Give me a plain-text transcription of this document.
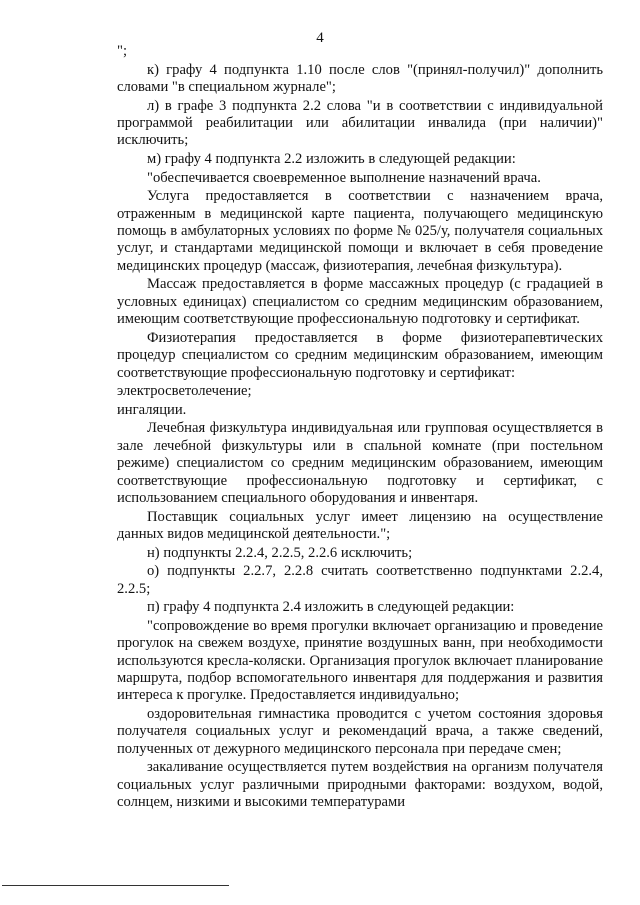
4

";

к) графу 4 подпункта 1.10 после слов "(принял-получил)" дополнить словами "в специальном журнале";

л) в графе 3 подпункта 2.2 слова "и в соответствии с индивидуальной программой реабилитации или абилитации инвалида (при наличии)" исключить;

м) графу 4 подпункта 2.2 изложить в следующей редакции:

"обеспечивается своевременное выполнение назначений врача.

Услуга предоставляется в соответствии с назначением врача, отраженным в медицинской карте пациента, получающего медицинскую помощь в амбулаторных условиях по форме № 025/у, получателя социальных услуг, и стандартами медицинской помощи и включает в себя проведение медицинских процедур (массаж, физиотерапия, лечебная физкультура).

Массаж предоставляется в форме массажных процедур (с градацией в условных единицах) специалистом со средним медицинским образованием, имеющим соответствующие профессиональную подготовку и сертификат.

Физиотерапия предоставляется в форме физиотерапевтических процедур специалистом со средним медицинским образованием, имеющим соответствующие профессиональную подготовку и сертификат:

электросветолечение;

ингаляции.

Лечебная физкультура индивидуальная или групповая осуществляется в зале лечебной физкультуры или в спальной комнате (при постельном режиме) специалистом со средним медицинским образованием, имеющим соответствующие профессиональную подготовку и сертификат, с использованием специального оборудования и инвентаря.

Поставщик социальных услуг имеет лицензию на осуществление данных видов медицинской деятельности.";

н) подпункты 2.2.4, 2.2.5, 2.2.6 исключить;

о) подпункты 2.2.7, 2.2.8 считать соответственно подпунктами 2.2.4, 2.2.5;

п) графу 4 подпункта 2.4 изложить в следующей редакции:

"сопровождение во время прогулки включает организацию и проведение прогулок на свежем воздухе, принятие воздушных ванн, при необходимости используются кресла-коляски. Организация прогулок включает планирование маршрута, подбор вспомогательного инвентаря для поддержания и развития интереса к прогулке. Предоставляется индивидуально;

оздоровительная гимнастика проводится с учетом состояния здоровья получателя социальных услуг и рекомендаций врача, а также сведений, полученных от дежурного медицинского персонала при передаче смен;

закаливание осуществляется путем воздействия на организм получателя социальных услуг различными природными факторами: воздухом, водой, солнцем, низкими и высокими температурами
